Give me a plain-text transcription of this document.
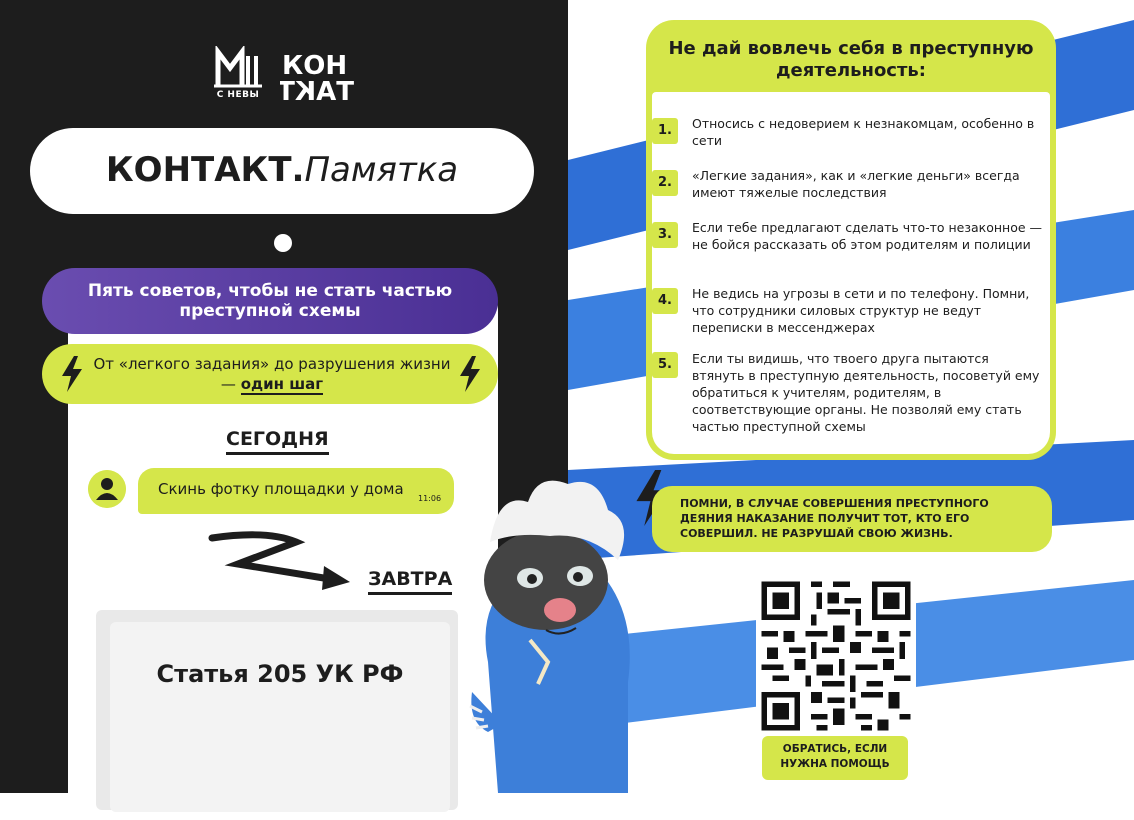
С НЕВЫ
КОН
ТАКТ
КОНТАКТ.Памятка
Пять советов, чтобы не стать частью преступной схемы
От «легкого задания» до разрушения жизни — один шаг
СЕГОДНЯ
Скинь фотку площадки у дома
11:06
ЗАВТРА
Статья 205 УК РФ
Не дай вовлечь себя в преступную деятельность:
1.	Относись с недоверием к незнакомцам, особенно в сети
2.	«Легкие задания», как и «легкие деньги» всегда имеют тяжелые последствия
3.	Если тебе предлагают сделать что-то незаконное — не бойся рассказать об этом родителям и полиции
4.	Не ведись на угрозы в сети и по телефону. Помни, что сотрудники силовых структур не ведут переписки в мессенджерах
5.	Если ты видишь, что твоего друга пытаются втянуть в преступную деятельность, посоветуй ему обратиться к учителям, родителям, в соответствующие органы. Не позволяй ему стать частью преступной схемы
ПОМНИ, В СЛУЧАЕ СОВЕРШЕНИЯ ПРЕСТУПНОГО ДЕЯНИЯ НАКАЗАНИЕ ПОЛУЧИТ ТОТ, КТО ЕГО СОВЕРШИЛ. НЕ РАЗРУШАЙ СВОЮ ЖИЗНЬ.
ОБРАТИСЬ, ЕСЛИ НУЖНА ПОМОЩЬ
